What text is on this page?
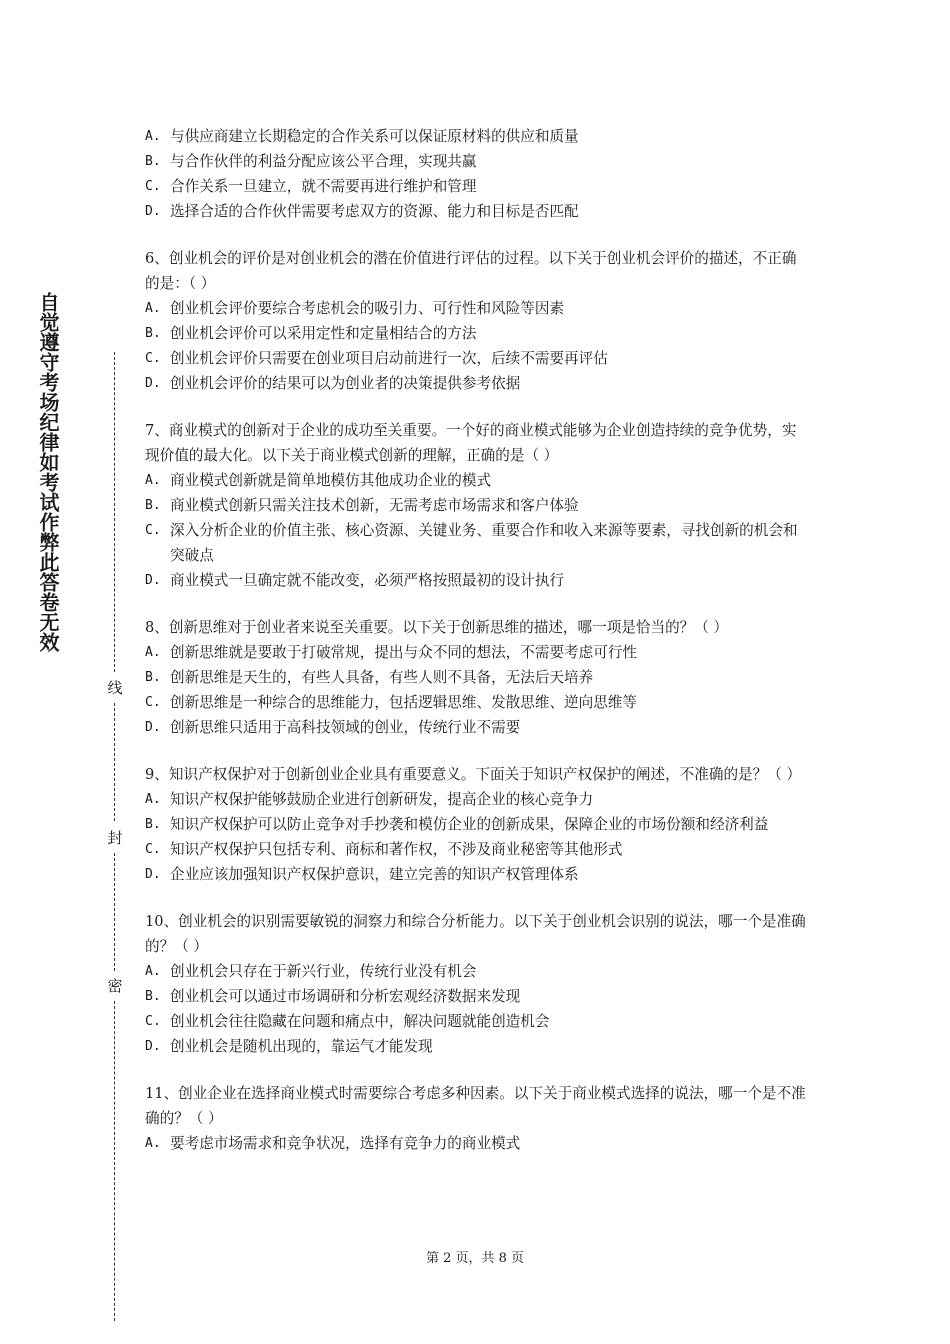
自觉遵守考场纪律如考试作弊此答卷无效
线
封
密

A. 与供应商建立长期稳定的合作关系可以保证原材料的供应和质量

B. 与合作伙伴的利益分配应该公平合理，实现共赢

C. 合作关系一旦建立，就不需要再进行维护和管理

D. 选择合适的合作伙伴需要考虑双方的资源、能力和目标是否匹配

6、创业机会的评价是对创业机会的潜在价值进行评估的过程。以下关于创业机会评价的描述，不正确的是：（ ）

A. 创业机会评价要综合考虑机会的吸引力、可行性和风险等因素

B. 创业机会评价可以采用定性和定量相结合的方法

C. 创业机会评价只需要在创业项目启动前进行一次，后续不需要再评估

D. 创业机会评价的结果可以为创业者的决策提供参考依据

7、商业模式的创新对于企业的成功至关重要。一个好的商业模式能够为企业创造持续的竞争优势，实现价值的最大化。以下关于商业模式创新的理解，正确的是（ ）

A. 商业模式创新就是简单地模仿其他成功企业的模式

B. 商业模式创新只需关注技术创新，无需考虑市场需求和客户体验

C. 深入分析企业的价值主张、核心资源、关键业务、重要合作和收入来源等要素，寻找创新的机会和突破点

D. 商业模式一旦确定就不能改变，必须严格按照最初的设计执行

8、创新思维对于创业者来说至关重要。以下关于创新思维的描述，哪一项是恰当的？（ ）

A. 创新思维就是要敢于打破常规，提出与众不同的想法，不需要考虑可行性

B. 创新思维是天生的，有些人具备，有些人则不具备，无法后天培养

C. 创新思维是一种综合的思维能力，包括逻辑思维、发散思维、逆向思维等

D. 创新思维只适用于高科技领域的创业，传统行业不需要

9、知识产权保护对于创新创业企业具有重要意义。下面关于知识产权保护的阐述，不准确的是？（ ）

A. 知识产权保护能够鼓励企业进行创新研发，提高企业的核心竞争力

B. 知识产权保护可以防止竞争对手抄袭和模仿企业的创新成果，保障企业的市场份额和经济利益

C. 知识产权保护只包括专利、商标和著作权，不涉及商业秘密等其他形式

D. 企业应该加强知识产权保护意识，建立完善的知识产权管理体系

10、创业机会的识别需要敏锐的洞察力和综合分析能力。以下关于创业机会识别的说法，哪一个是准确的？（ ）

A. 创业机会只存在于新兴行业，传统行业没有机会

B. 创业机会可以通过市场调研和分析宏观经济数据来发现

C. 创业机会往往隐藏在问题和痛点中，解决问题就能创造机会

D. 创业机会是随机出现的，靠运气才能发现

11、创业企业在选择商业模式时需要综合考虑多种因素。以下关于商业模式选择的说法，哪一个是不准确的？（ ）

A. 要考虑市场需求和竞争状况，选择有竞争力的商业模式

第 2 页，共 8 页
